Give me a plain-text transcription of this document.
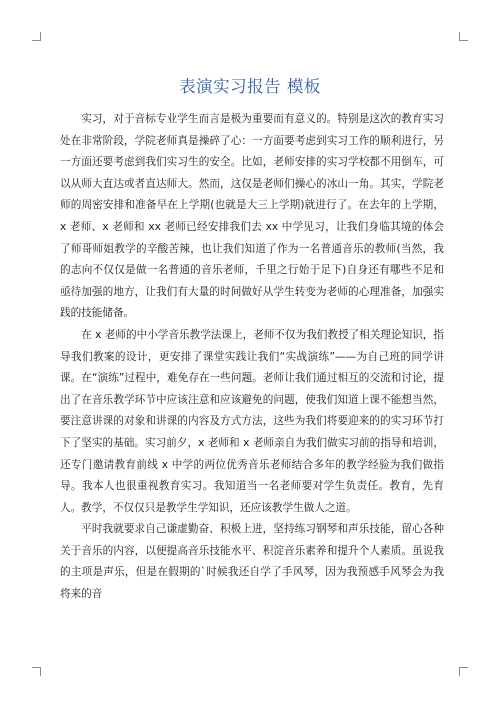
表演实习报告 模板

实习，对于音标专业学生而言是极为重要而有意义的。特别是这次的教育实习处在非常阶段，学院老师真是操碎了心：一方面要考虑到实习工作的顺利进行，另一方面还要考虑到我们实习生的安全。比如，老师安排的实习学校都不用倒车，可以从师大直达或者直达师大。然而，这仅是老师们操心的冰山一角。其实，学院老师的周密安排和准备早在上学期(也就是大三上学期)就进行了。在去年的上学期，x 老师、x 老师和 xx 老师已经安排我们去 xx 中学见习，让我们身临其境的体会了师哥师姐教学的辛酸苦辣，也让我们知道了作为一名普通音乐的教师(当然，我的志向不仅仅是做一名普通的音乐老师，千里之行始于足下)自身还有哪些不足和亟待加强的地方，让我们有大量的时间做好从学生转变为老师的心理准备，加强实践的技能储备。

在 x 老师的中小学音乐教学法课上，老师不仅为我们教授了相关理论知识，指导我们教案的设计，更安排了课堂实践让我们“实战演练”——为自己班的同学讲课。在“演练”过程中，难免存在一些问题。老师让我们通过相互的交流和讨论，提出了在音乐教学环节中应该注意和应该避免的问题，使我们知道上课不能想当然，要注意讲课的对象和讲课的内容及方式方法，这些为我们将要迎来的的实习环节打下了坚实的基础。实习前夕，x 老师和 x 老师亲自为我们做实习前的指导和培训，还专门邀请教育前线 x 中学的两位优秀音乐老师结合多年的教学经验为我们做指导。我本人也很重视教育实习。我知道当一名老师要对学生负责任。教育，先育人。教学，不仅仅只是教学生学知识，还应该教学生做人之道。

平时我就要求自己谦虚勤奋、积极上进，坚持练习钢琴和声乐技能，留心各种关于音乐的内容，以便提高音乐技能水平、积淀音乐素养和提升个人素质。虽说我的主项是声乐，但是在假期的`时候我还自学了手风琴，因为我预感手风琴会为我将来的音
